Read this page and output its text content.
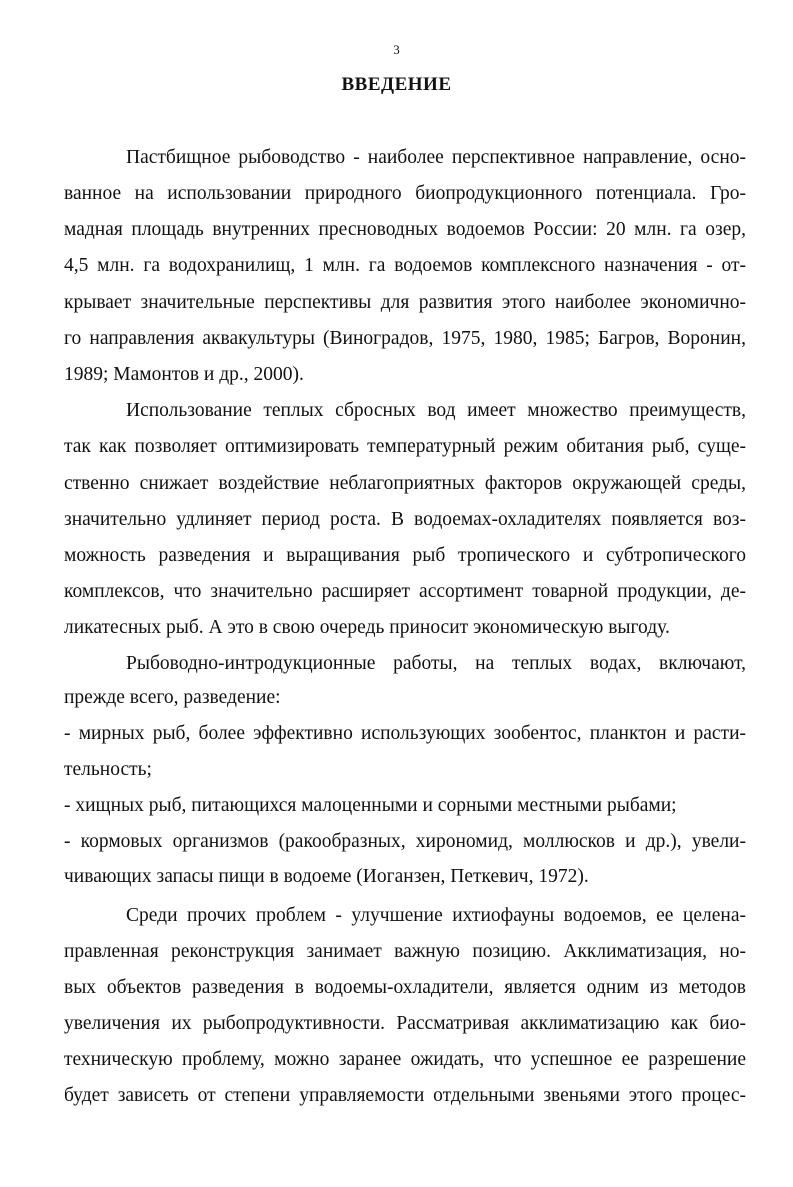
3

ВВЕДЕНИЕ

Пастбищное рыбоводство - наиболее перспективное направление, осно-

ванное на использовании природного биопродукционного потенциала. Гро-

мадная площадь внутренних пресноводных водоемов России: 20 млн. га озер,

4,5 млн. га водохранилищ, 1 млн. га водоемов комплексного назначения - от-

крывает значительные перспективы для развития этого наиболее экономично-

го направления аквакультуры (Виноградов, 1975, 1980, 1985; Багров, Воронин,

1989; Мамонтов и др., 2000).

Использование теплых сбросных вод имеет множество преимуществ,

так как позволяет оптимизировать температурный режим обитания рыб, суще-

ственно снижает воздействие неблагоприятных факторов окружающей среды,

значительно удлиняет период роста. В водоемах-охладителях появляется воз-

можность разведения и выращивания рыб тропического и субтропического

комплексов, что значительно расширяет ассортимент товарной продукции, де-

ликатесных рыб. А это в свою очередь приносит экономическую выгоду.

Рыбоводно-интродукционные работы, на теплых водах, включают,

прежде всего, разведение:

- мирных рыб, более эффективно использующих зообентос, планктон и расти-

тельность;

- хищных рыб, питающихся малоценными и сорными местными рыбами;

- кормовых организмов (ракообразных, хирономид, моллюсков и др.), увели-

чивающих запасы пищи в водоеме (Иоганзен, Петкевич, 1972).

Среди прочих проблем - улучшение ихтиофауны водоемов, ее целена-

правленная реконструкция занимает важную позицию. Акклиматизация, но-

вых объектов разведения в водоемы-охладители, является одним из методов

увеличения их рыбопродуктивности. Рассматривая акклиматизацию как био-

техническую проблему, можно заранее ожидать, что успешное ее разрешение

будет зависеть от степени управляемости отдельными звеньями этого процес-
